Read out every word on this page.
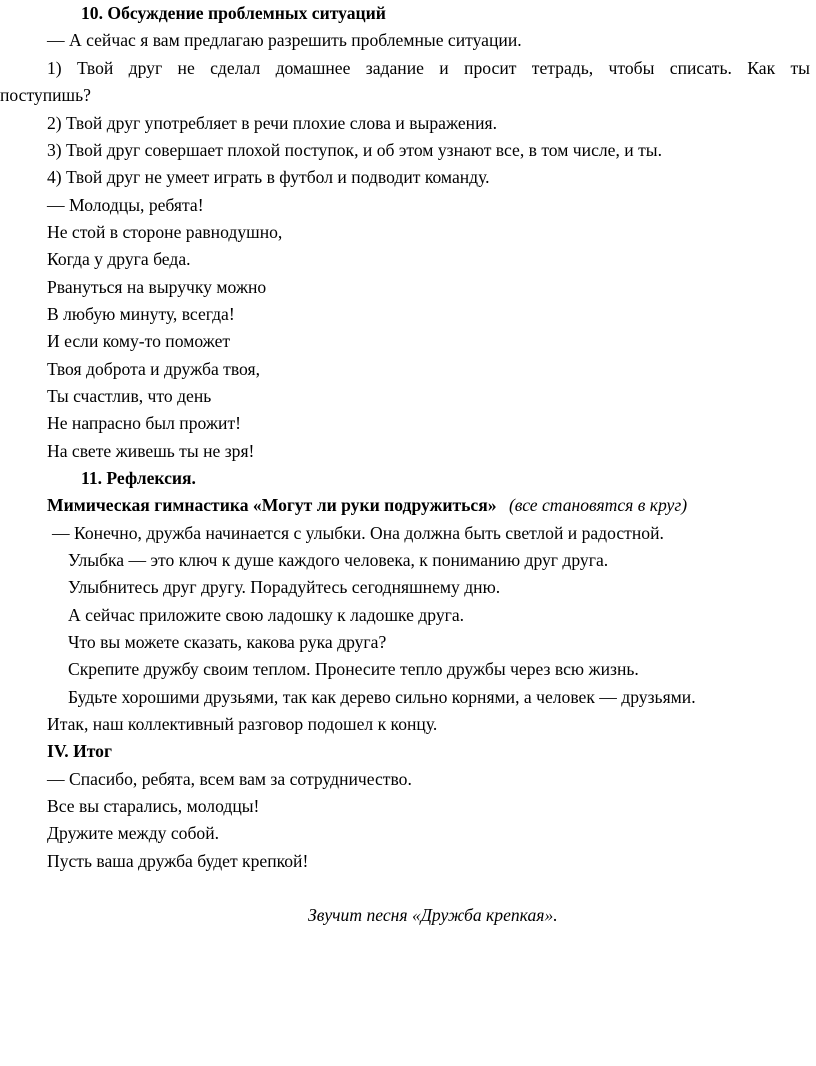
10. Обсуждение проблемных ситуаций
— А сейчас я вам предлагаю разрешить проблемные ситуации.
1) Твой друг не сделал домашнее задание и просит тетрадь, чтобы списать. Как ты
поступишь?
2) Твой друг употребляет в речи плохие слова и выражения.
3) Твой друг совершает плохой поступок, и об этом узнают все, в том числе, и ты.
4) Твой друг не умеет играть в футбол и подводит команду.
— Молодцы, ребята!
Не стой в стороне равнодушно,
Когда у друга беда.
Рвануться на выручку можно
В любую минуту, всегда!
И если кому-то поможет
Твоя доброта и дружба твоя,
Ты счастлив, что день
Не напрасно был прожит!
На свете живешь ты не зря!
11. Рефлексия.
Мимическая гимнастика «Могут ли руки подружиться» (все становятся в круг)
— Конечно, дружба начинается с улыбки. Она должна быть светлой и радостной.
Улыбка — это ключ к душе каждого человека, к пониманию друг друга.
Улыбнитесь друг другу. Порадуйтесь сегодняшнему дню.
А сейчас приложите свою ладошку к ладошке друга.
Что вы можете сказать, какова рука друга?
Скрепите дружбу своим теплом. Пронесите тепло дружбы через всю жизнь.
Будьте хорошими друзьями, так как дерево сильно корнями, а человек — друзьями.
Итак, наш коллективный разговор подошел к концу.
IV. Итог
— Спасибо, ребята, всем вам за сотрудничество.
Все вы старались, молодцы!
Дружите между собой.
Пусть ваша дружба будет крепкой!
Звучит песня «Дружба крепкая».
